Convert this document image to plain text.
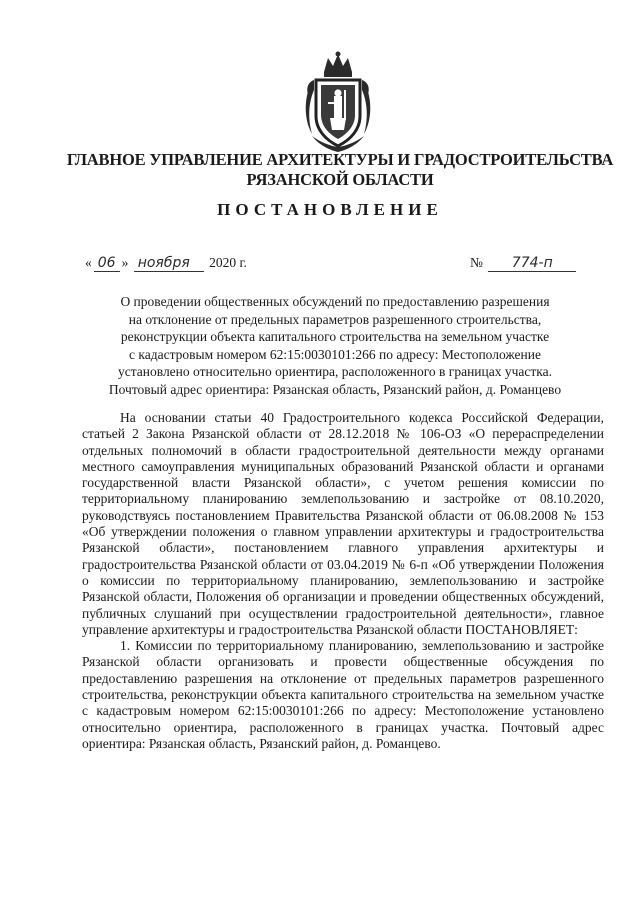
ГЛАВНОЕ УПРАВЛЕНИЕ АРХИТЕКТУРЫ И ГРАДОСТРОИТЕЛЬСТВА
РЯЗАНСКОЙ ОБЛАСТИ
ПОСТАНОВЛЕНИЕ
« 06 » ноября 2020 г.	№ 774-п
О проведении общественных обсуждений по предоставлению разрешения
на отклонение от предельных параметров разрешенного строительства,
реконструкции объекта капитального строительства на земельном участке
с кадастровым номером 62:15:0030101:266 по адресу: Местоположение
установлено относительно ориентира, расположенного в границах участка.
Почтовый адрес ориентира: Рязанская область, Рязанский район, д. Романцево

На основании статьи 40 Градостроительного кодекса Российской Федерации, статьей 2 Закона Рязанской области от 28.12.2018 № 106-ОЗ «О перераспределении отдельных полномочий в области градостроительной деятельности между органами местного самоуправления муниципальных образований Рязанской области и органами государственной власти Рязанской области», с учетом решения комиссии по территориальному планированию землепользованию и застройке от 08.10.2020, руководствуясь постановлением Правительства Рязанской области от 06.08.2008 № 153 «Об утверждении положения о главном управлении архитектуры и градостроительства Рязанской области», постановлением главного управления архитектуры и градостроительства Рязанской области от 03.04.2019 № 6-п «Об утверждении Положения о комиссии по территориальному планированию, землепользованию и застройке Рязанской области, Положения об организации и проведении общественных обсуждений, публичных слушаний при осуществлении градостроительной деятельности», главное управление архитектуры и градостроительства Рязанской области ПОСТАНОВЛЯЕТ:

1. Комиссии по территориальному планированию, землепользованию и застройке Рязанской области организовать и провести общественные обсуждения по предоставлению разрешения на отклонение от предельных параметров разрешенного строительства, реконструкции объекта капитального строительства на земельном участке с кадастровым номером 62:15:0030101:266 по адресу: Местоположение установлено относительно ориентира, расположенного в границах участка. Почтовый адрес ориентира: Рязанская область, Рязанский район, д. Романцево.
